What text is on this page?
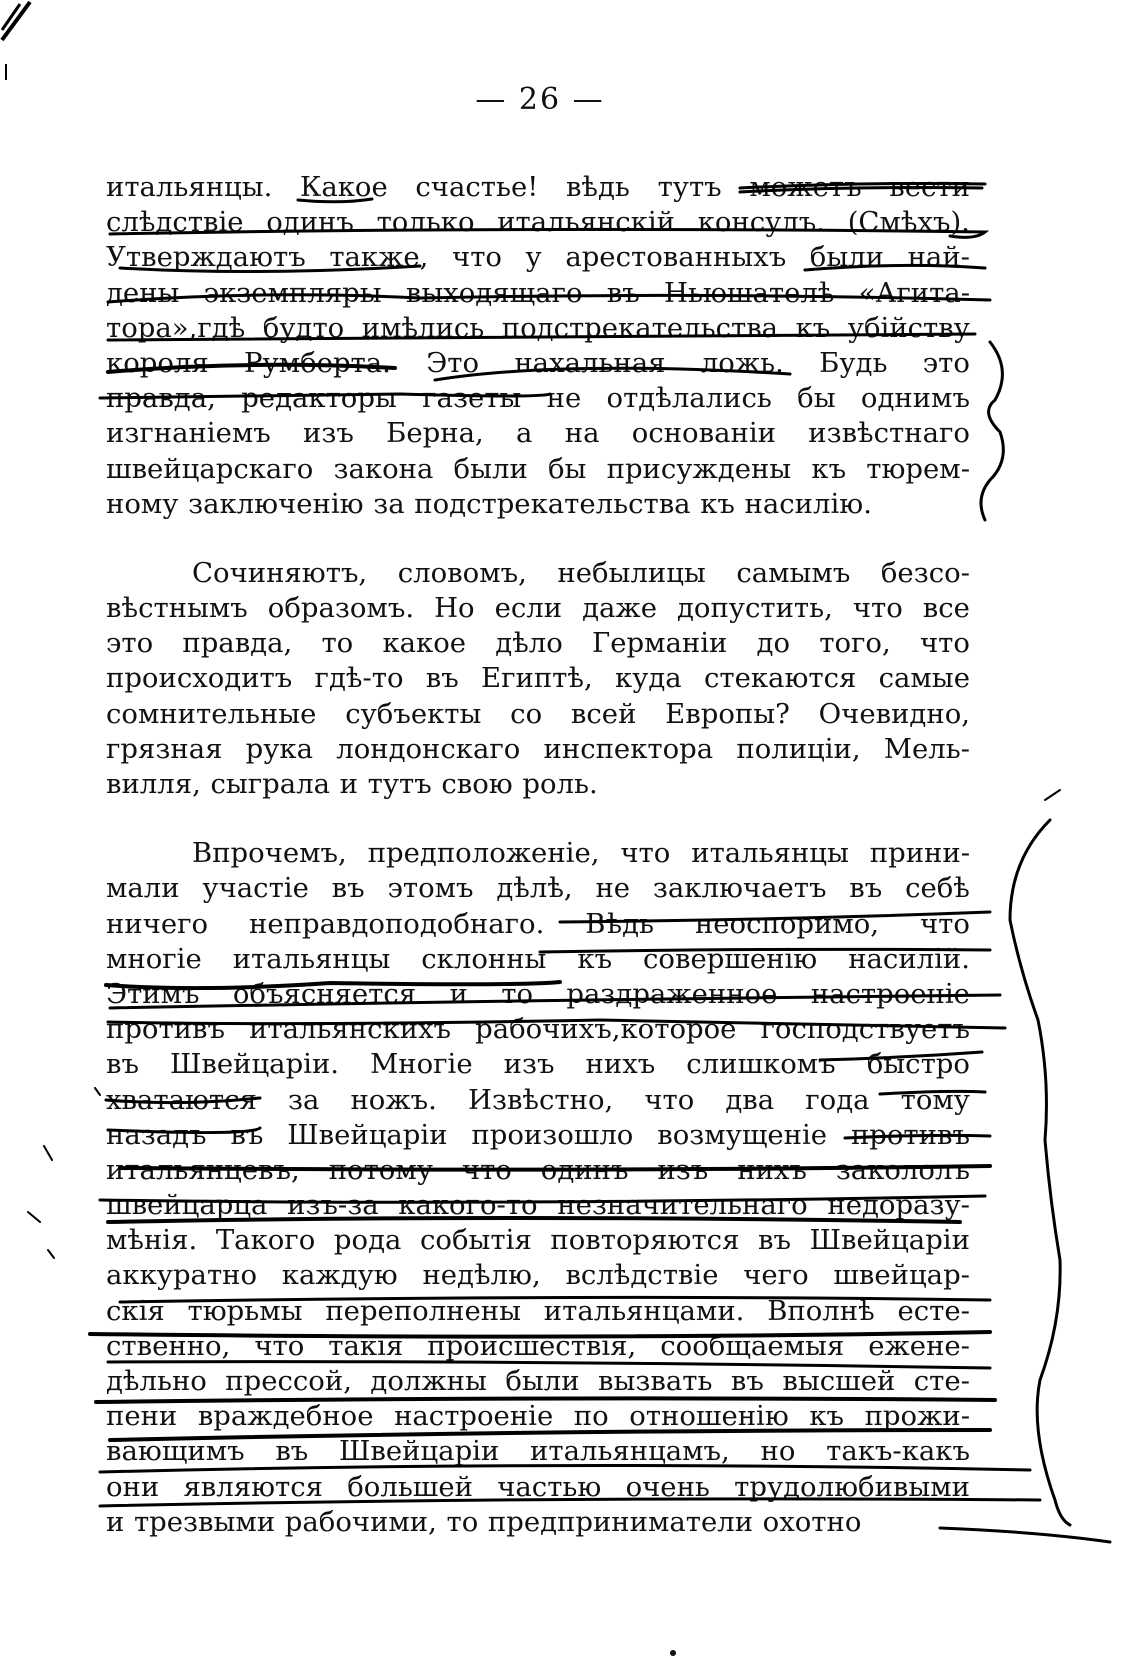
— 26 —
итальянцы. Какое счастье! вѣдь тутъ можетъ вести
слѣдствіе одинъ только итальянскій консулъ. (Смѣхъ).
Утверждаютъ также, что у арестованныхъ были най-
дены экземпляры выходящаго въ Ньюшателѣ «Агита-
тора»,гдѣ будто имѣлись подстрекательства къ убійству
короля Румберта. Это нахальная ложь. Будь это
правда, редакторы газеты не отдѣлались бы однимъ
изгнаніемъ изъ Берна, а на основаніи извѣстнаго
швейцарскаго закона были бы присуждены къ тюрем-
ному заключенію за подстрекательства къ насилію.
Сочиняютъ, словомъ, небылицы самымъ безсо-
вѣстнымъ образомъ. Но если даже допустить, что все
это правда, то какое дѣло Германіи до того, что
происходитъ гдѣ-то въ Египтѣ, куда стекаются самые
сомнительные субъекты со всей Европы? Очевидно,
грязная рука лондонскаго инспектора полиціи, Мель-
вилля, сыграла и тутъ свою роль.
Впрочемъ, предположеніе, что итальянцы прини-
мали участіе въ этомъ дѣлѣ, не заключаетъ въ себѣ
ничего неправдоподобнаго. Вѣдь неоспоримо, что
многіе итальянцы склонны къ совершенію насилій.
Этимъ объясняется и то раздраженное настроеніе
противъ итальянскихъ рабочихъ,которое господствуетъ
въ Швейцаріи. Многіе изъ нихъ слишкомъ быстро
хватаются за ножъ. Извѣстно, что два года тому
назадъ въ Швейцаріи произошло возмущеніе противъ
итальянцевъ, потому что одинъ изъ нихъ закололъ
швейцарца изъ-за какого-то незначительнаго недоразу-
мѣнія. Такого рода событія повторяются въ Швейцаріи
аккуратно каждую недѣлю, вслѣдствіе чего швейцар-
скія тюрьмы переполнены итальянцами. Вполнѣ есте-
ственно, что такія происшествія, сообщаемыя еженe-
дѣльно прессой, должны были вызвать въ высшей сте-
пени враждебное настроеніе по отношенію къ прожи-
вающимъ въ Швейцаріи итальянцамъ, но такъ-какъ
они являются большей частью очень трудолюбивыми
и трезвыми рабочими, то предприниматели охотно
